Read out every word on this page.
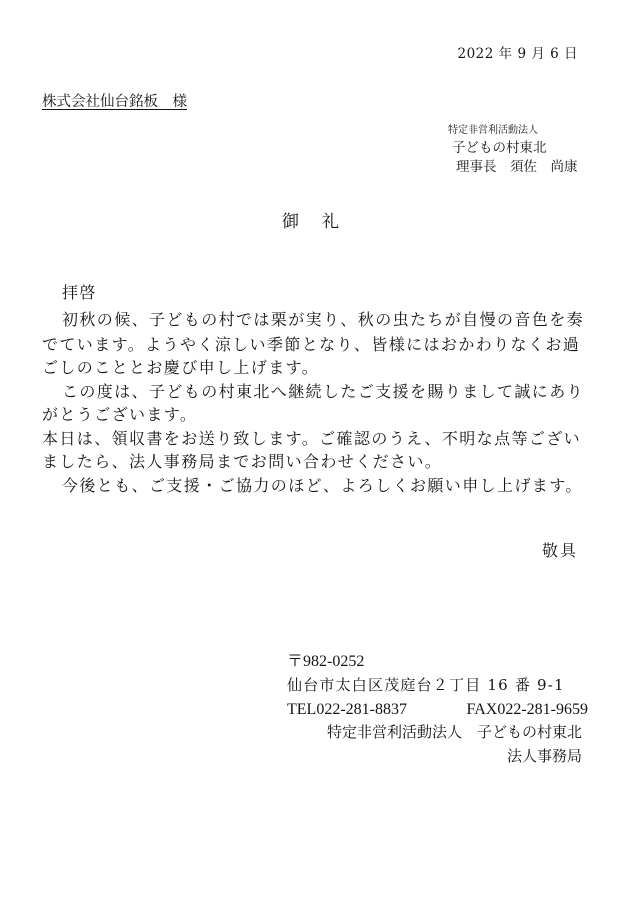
2022 年 9 月 6 日
株式会社仙台銘板　様
特定非営利活動法人
子どもの村東北
理事長　須佐　尚康
御　礼
拝啓
初秋の候、子どもの村では栗が実り、秋の虫たちが自慢の音色を奏
でています。ようやく涼しい季節となり、皆様にはおかわりなくお過
ごしのこととお慶び申し上げます。
この度は、子どもの村東北へ継続したご支援を賜りまして誠にあり
がとうございます。
本日は、領収書をお送り致します。ご確認のうえ、不明な点等ござい
ましたら、法人事務局までお問い合わせください。
今後とも、ご支援・ご協力のほど、よろしくお願い申し上げます。
敬具
〒982-0252
仙台市太白区茂庭台２丁目 16 番 9-1
TEL022-281-8837	FAX022-281-9659
特定非営利活動法人　子どもの村東北
法人事務局
